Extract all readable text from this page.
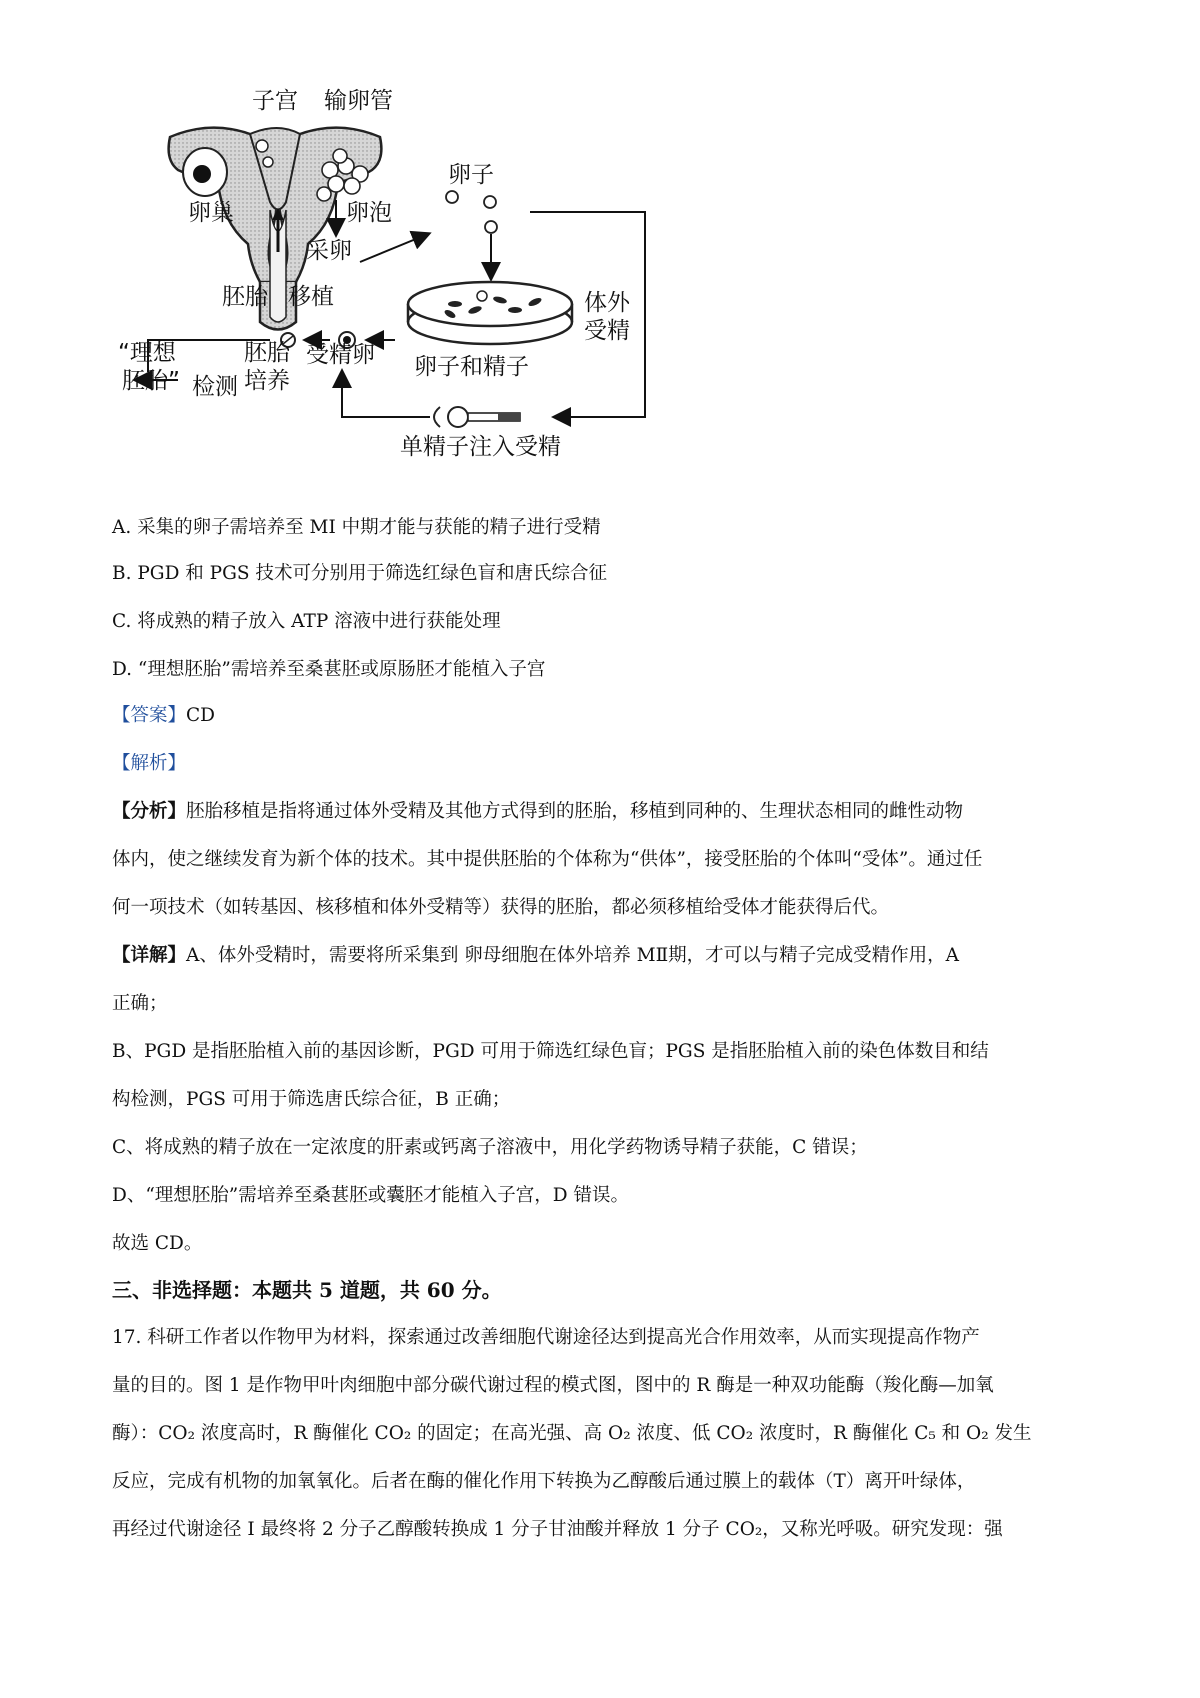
子宫 输卵管
卵巢	卵泡
卵子
采卵
胚胎 移植	体外
受精
“理想
胚胎” 检测
胚胎
培养
受精卵 卵子和精子
单精子注入受精
A. 采集的卵子需培养至 MI 中期才能与获能的精子进行受精
B. PGD 和 PGS 技术可分别用于筛选红绿色盲和唐氏综合征
C. 将成熟的精子放入 ATP 溶液中进行获能处理
D. “理想胚胎”需培养至桑葚胚或原肠胚才能植入子宫
【答案】CD
【解析】
【分析】胚胎移植是指将通过体外受精及其他方式得到的胚胎，移植到同种的、生理状态相同的雌性动物
体内，使之继续发育为新个体的技术。其中提供胚胎的个体称为“供体”，接受胚胎的个体叫“受体”。通过任
何一项技术（如转基因、核移植和体外受精等）获得的胚胎，都必须移植给受体才能获得后代。
【详解】A、体外受精时，需要将所采集到 卵母细胞在体外培养 MⅡ期，才可以与精子完成受精作用，A
正确；
B、PGD 是指胚胎植入前的基因诊断，PGD 可用于筛选红绿色盲；PGS 是指胚胎植入前的染色体数目和结
构检测，PGS 可用于筛选唐氏综合征，B 正确；
C、将成熟的精子放在一定浓度的肝素或钙离子溶液中，用化学药物诱导精子获能，C 错误；
D、“理想胚胎”需培养至桑葚胚或囊胚才能植入子宫，D 错误。
故选 CD。
三、非选择题：本题共 5 道题，共 60 分。
17. 科研工作者以作物甲为材料，探索通过改善细胞代谢途径达到提高光合作用效率，从而实现提高作物产
量的目的。图 1 是作物甲叶肉细胞中部分碳代谢过程的模式图，图中的 R 酶是一种双功能酶（羧化酶—加氧
酶）：CO₂ 浓度高时，R 酶催化 CO₂ 的固定；在高光强、高 O₂ 浓度、低 CO₂ 浓度时，R 酶催化 C₅ 和 O₂ 发生
反应，完成有机物的加氧氧化。后者在酶的催化作用下转换为乙醇酸后通过膜上的载体（T）离开叶绿体，
再经过代谢途径 I 最终将 2 分子乙醇酸转换成 1 分子甘油酸并释放 1 分子 CO₂，又称光呼吸。研究发现：强
